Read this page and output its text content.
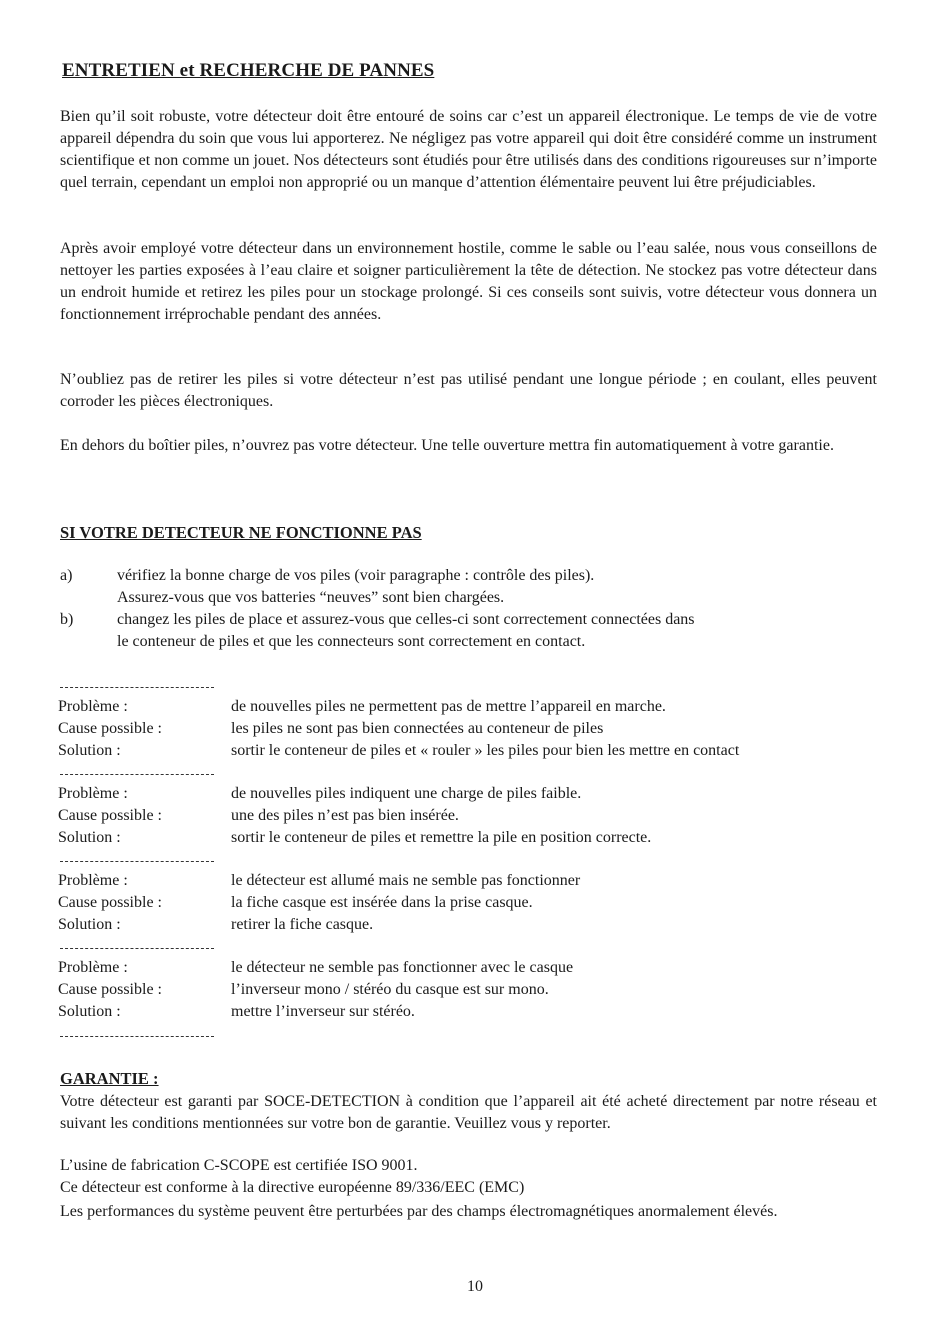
ENTRETIEN et RECHERCHE DE PANNES

Bien qu’il soit robuste, votre détecteur doit être entouré de soins car c’est un appareil électronique. Le temps de vie de votre appareil dépendra du soin que vous lui apporterez. Ne négligez pas votre appareil qui doit être considéré comme un instrument scientifique et non comme un jouet. Nos détecteurs sont étudiés pour être utilisés dans des conditions rigoureuses sur n’importe quel terrain, cependant un emploi non approprié ou un manque d’attention élémentaire peuvent lui être préjudiciables.

Après avoir employé votre détecteur dans un environnement hostile, comme le sable ou l’eau salée, nous vous conseillons de nettoyer les parties exposées à l’eau claire et soigner particulièrement la tête de détection. Ne stockez pas votre détecteur dans un endroit humide et retirez les piles pour un stockage prolongé. Si ces conseils sont suivis, votre détecteur vous donnera un fonctionnement irréprochable pendant des années.

N’oubliez pas de retirer les piles si votre détecteur n’est pas utilisé pendant une longue période ; en coulant, elles peuvent corroder les pièces électroniques.

En dehors du boîtier piles, n’ouvrez pas votre détecteur. Une telle ouverture mettra fin automatiquement à votre garantie.

SI VOTRE DETECTEUR NE FONCTIONNE PAS
a)	vérifiez la bonne charge de vos piles (voir paragraphe : contrôle des piles).
Assurez-vous que vos batteries “neuves” sont bien chargées.
b)	changez les piles de place et assurez-vous que celles-ci sont correctement connectées dans
le conteneur de piles et que les connecteurs sont correctement en contact.
Problème :	de nouvelles piles ne permettent pas de mettre l’appareil en marche.
Cause possible :	les piles ne sont pas bien connectées au conteneur de piles
Solution :	sortir le conteneur de piles et « rouler » les piles pour bien les mettre en contact
Problème :	de nouvelles piles indiquent une charge de piles faible.
Cause possible :	une des piles n’est pas bien insérée.
Solution :	sortir le conteneur de piles et remettre la pile en position correcte.
Problème :	le détecteur est allumé mais ne semble pas fonctionner
Cause possible :	la fiche casque est insérée dans la prise casque.
Solution :	retirer la fiche casque.
Problème :	le détecteur ne semble pas fonctionner avec le casque
Cause possible :	l’inverseur mono / stéréo du casque est sur mono.
Solution :	mettre l’inverseur sur stéréo.
GARANTIE :

Votre détecteur est garanti par SOCE-DETECTION à condition que l’appareil ait été acheté directement par notre réseau et suivant les conditions mentionnées sur votre bon de garantie. Veuillez vous y reporter.

L’usine de fabrication C-SCOPE est certifiée ISO 9001.
Ce détecteur est conforme à la directive européenne 89/336/EEC (EMC)

Les performances du système peuvent être perturbées par des champs électromagnétiques anormalement élevés.

10
